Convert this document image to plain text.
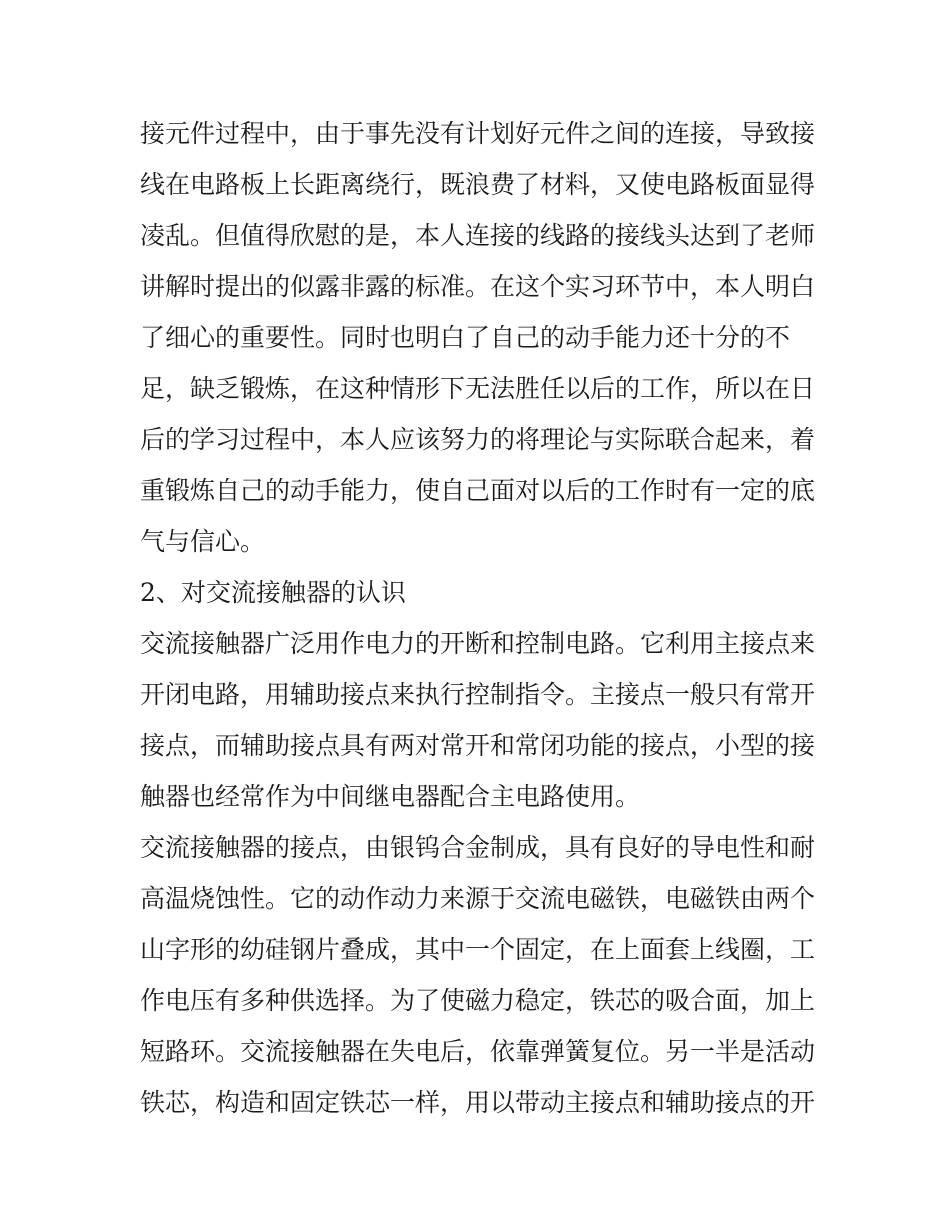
接元件过程中，由于事先没有计划好元件之间的连接，导致接
线在电路板上长距离绕行，既浪费了材料，又使电路板面显得
凌乱。但值得欣慰的是，本人连接的线路的接线头达到了老师
讲解时提出的似露非露的标准。在这个实习环节中，本人明白
了细心的重要性。同时也明白了自己的动手能力还十分的不
足，缺乏锻炼，在这种情形下无法胜任以后的工作，所以在日
后的学习过程中，本人应该努力的将理论与实际联合起来，着
重锻炼自己的动手能力，使自己面对以后的工作时有一定的底
气与信心。
2、对交流接触器的认识
交流接触器广泛用作电力的开断和控制电路。它利用主接点来
开闭电路，用辅助接点来执行控制指令。主接点一般只有常开
接点，而辅助接点具有两对常开和常闭功能的接点，小型的接
触器也经常作为中间继电器配合主电路使用。
交流接触器的接点，由银钨合金制成，具有良好的导电性和耐
高温烧蚀性。它的动作动力来源于交流电磁铁，电磁铁由两个
山字形的幼硅钢片叠成，其中一个固定，在上面套上线圈，工
作电压有多种供选择。为了使磁力稳定，铁芯的吸合面，加上
短路环。交流接触器在失电后，依靠弹簧复位。另一半是活动
铁芯，构造和固定铁芯一样，用以带动主接点和辅助接点的开
